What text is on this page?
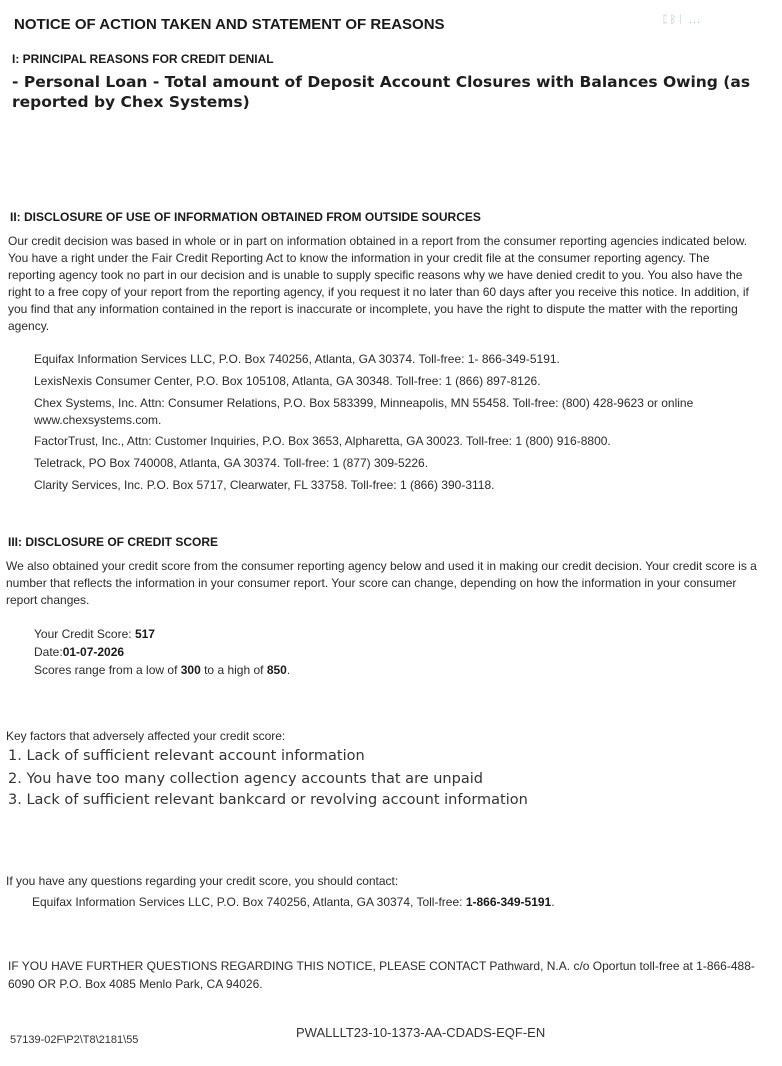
NOTICE OF ACTION TAKEN AND STATEMENT OF REASONS	ᛈᛒᛁ ...
I: PRINCIPAL REASONS FOR CREDIT DENIAL
- Personal Loan - Total amount of Deposit Account Closures with Balances Owing (as reported by Chex Systems)
II: DISCLOSURE OF USE OF INFORMATION OBTAINED FROM OUTSIDE SOURCES
Our credit decision was based in whole or in part on information obtained in a report from the consumer reporting agencies indicated below. You have a right under the Fair Credit Reporting Act to know the information in your credit file at the consumer reporting agency. The reporting agency took no part in our decision and is unable to supply specific reasons why we have denied credit to you. You also have the right to a free copy of your report from the reporting agency, if you request it no later than 60 days after you receive this notice. In addition, if you find that any information contained in the report is inaccurate or incomplete, you have the right to dispute the matter with the reporting agency.
Equifax Information Services LLC, P.O. Box 740256, Atlanta, GA 30374. Toll-free: 1- 866-349-5191.
LexisNexis Consumer Center, P.O. Box 105108, Atlanta, GA 30348. Toll-free: 1 (866) 897-8126.
Chex Systems, Inc. Attn: Consumer Relations, P.O. Box 583399, Minneapolis, MN 55458. Toll-free: (800) 428-9623 or online www.chexsystems.com.
FactorTrust, Inc., Attn: Customer Inquiries, P.O. Box 3653, Alpharetta, GA 30023. Toll-free: 1 (800) 916-8800.
Teletrack, PO Box 740008, Atlanta, GA 30374. Toll-free: 1 (877) 309-5226.
Clarity Services, Inc. P.O. Box 5717, Clearwater, FL 33758. Toll-free: 1 (866) 390-3118.
III: DISCLOSURE OF CREDIT SCORE
We also obtained your credit score from the consumer reporting agency below and used it in making our credit decision. Your credit score is a number that reflects the information in your consumer report. Your score can change, depending on how the information in your consumer report changes.
Your Credit Score: 517
Date:01-07-2026
Scores range from a low of 300 to a high of 850.
Key factors that adversely affected your credit score:
1. Lack of sufficient relevant account information
2. You have too many collection agency accounts that are unpaid
3. Lack of sufficient relevant bankcard or revolving account information
If you have any questions regarding your credit score, you should contact:
Equifax Information Services LLC, P.O. Box 740256, Atlanta, GA 30374, Toll-free: 1-866-349-5191.
IF YOU HAVE FURTHER QUESTIONS REGARDING THIS NOTICE, PLEASE CONTACT Pathward, N.A. c/o Oportun toll-free at 1-866-488-6090 OR P.O. Box 4085 Menlo Park, CA 94026.
57139-02F\P2\T8\2181\55	PWALLLT23-10-1373-AA-CDADS-EQF-EN
